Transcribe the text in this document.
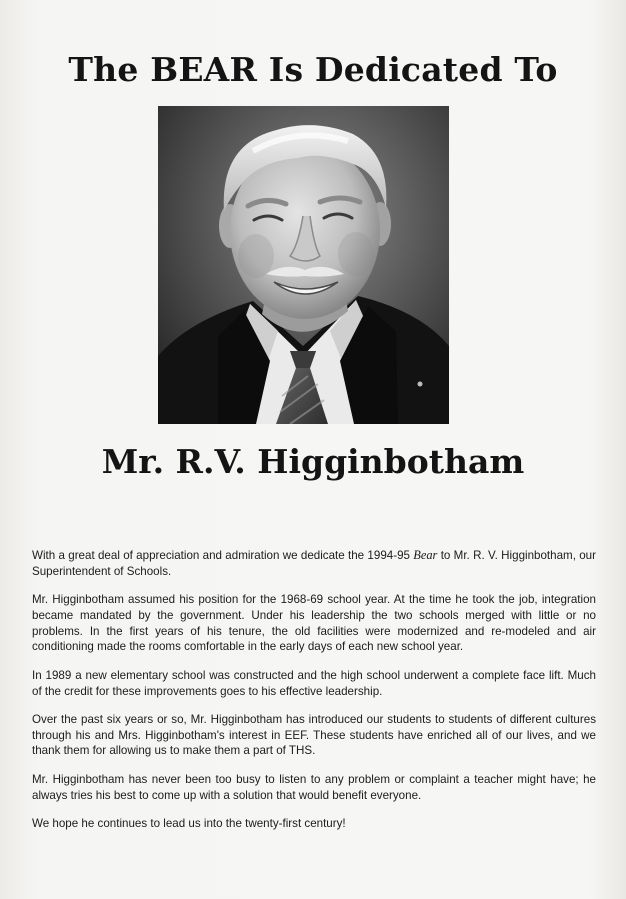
The BEAR Is Dedicated To
Mr. R.V. Higginbotham

With a great deal of appreciation and admiration we dedicate the 1994-95 Bear to Mr. R. V. Higginbotham, our Superintendent of Schools.

Mr. Higginbotham assumed his position for the 1968-69 school year. At the time he took the job, integration became mandated by the government. Under his leadership the two schools merged with little or no problems. In the first years of his tenure, the old facilities were modernized and re-modeled and air conditioning made the rooms comfortable in the early days of each new school year.

In 1989 a new elementary school was constructed and the high school underwent a complete face lift. Much of the credit for these improvements goes to his effective leadership.

Over the past six years or so, Mr. Higginbotham has introduced our students to students of different cultures through his and Mrs. Higginbotham's interest in EEF. These students have enriched all of our lives, and we thank them for allowing us to make them a part of THS.

Mr. Higginbotham has never been too busy to listen to any problem or complaint a teacher might have; he always tries his best to come up with a solution that would benefit everyone.

We hope he continues to lead us into the twenty-first century!
